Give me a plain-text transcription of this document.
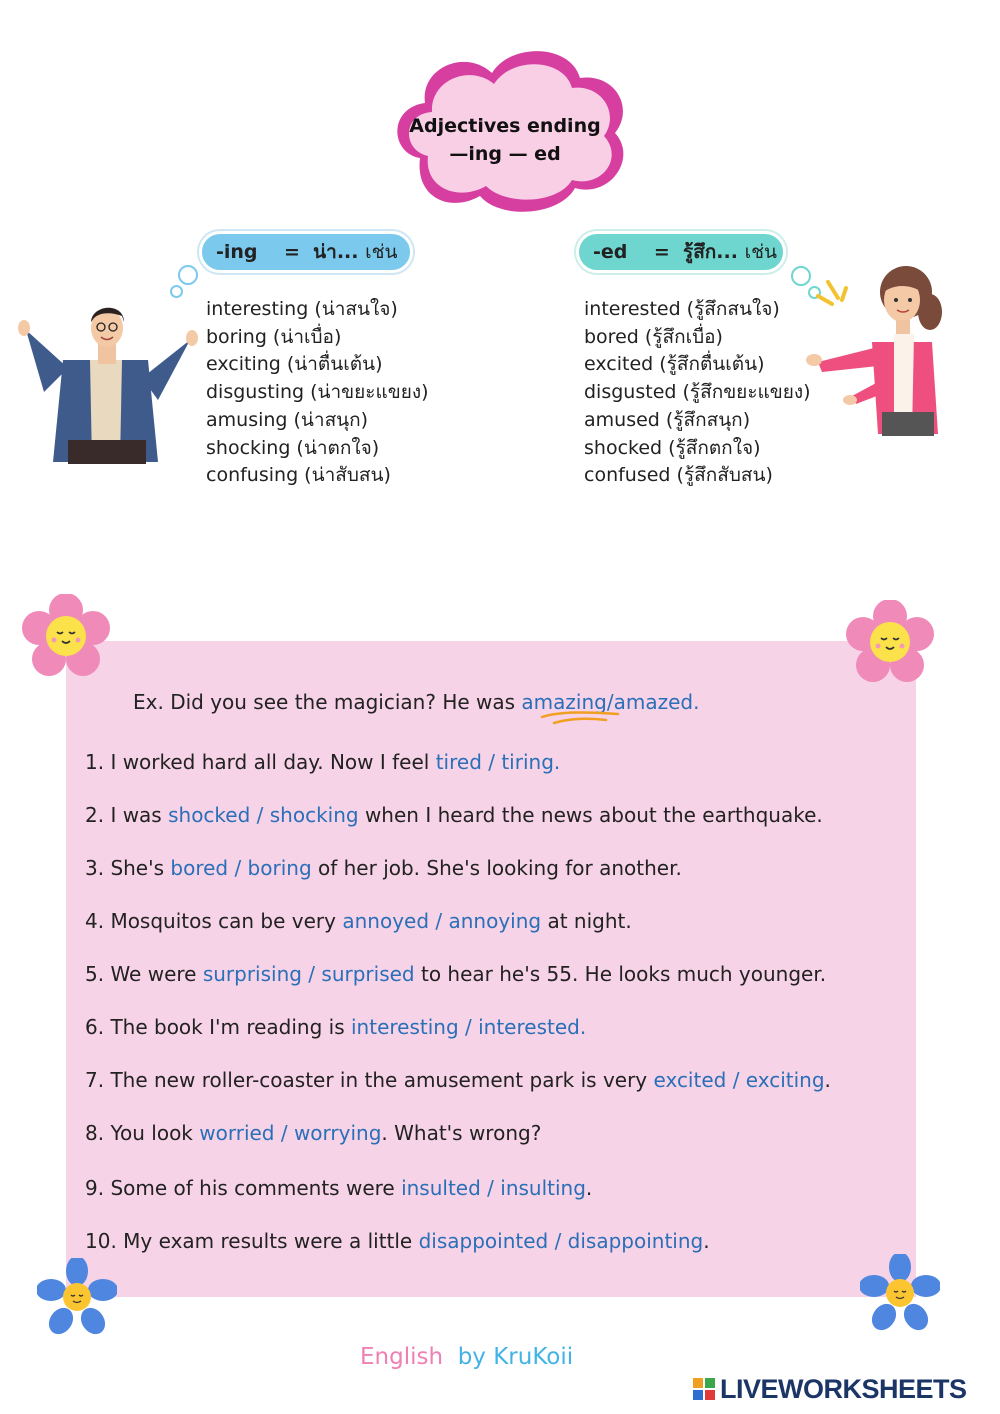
Adjectives ending
—ing — ed
-ing
=
น่า...
เช่น	-ed
=
รู้สึก...
เช่น
interesting (น่าสนใจ)
boring (น่าเบื่อ)
exciting (น่าตื่นเต้น)
disgusting (น่าขยะแขยง)
amusing (น่าสนุก)
shocking (น่าตกใจ)
confusing (น่าสับสน)
interested (รู้สึกสนใจ)
bored (รู้สึกเบื่อ)
excited (รู้สึกตื่นเต้น)
disgusted (รู้สึกขยะแขยง)
amused (รู้สึกสนุก)
shocked (รู้สึกตกใจ)
confused (รู้สึกสับสน)
Ex. Did you see the magician? He was amazing/amazed.
1. I worked hard all day. Now I feel tired / tiring.
2. I was shocked / shocking when I heard the news about the earthquake.
3. She's bored / boring of her job. She's looking for another.
4. Mosquitos can be very annoyed / annoying at night.
5. We were surprising / surprised to hear he's 55. He looks much younger.
6. The book I'm reading is interesting / interested.
7. The new roller-coaster in the amusement park is very excited / exciting.
8. You look worried / worrying. What's wrong?
9. Some of his comments were insulted / insulting.
10. My exam results were a little disappointed / disappointing.
English by KruKoii
LIVEWORKSHEETS
